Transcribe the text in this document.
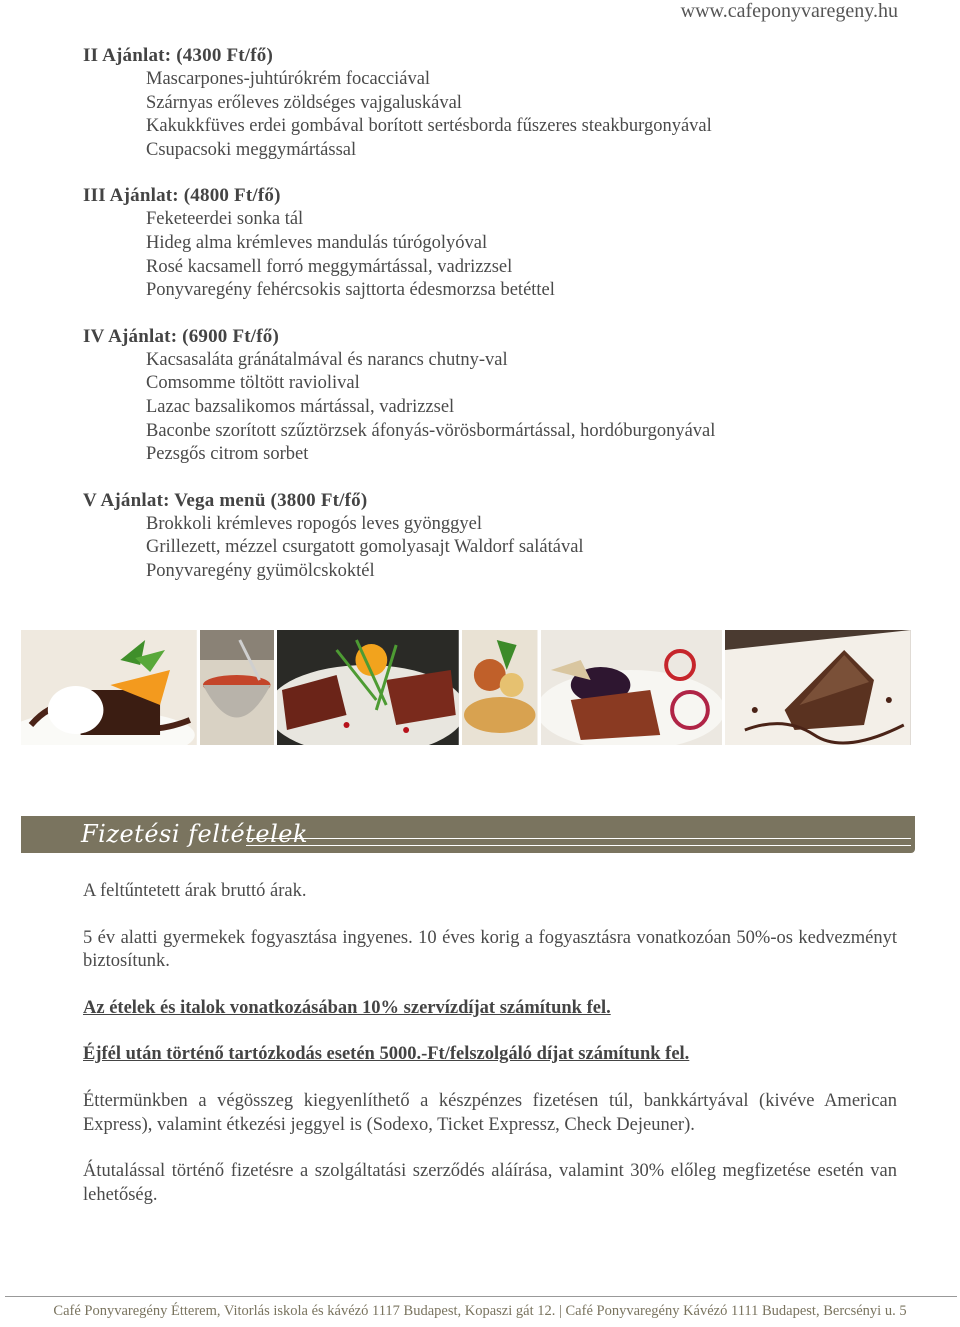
www.cafeponyvaregeny.hu
II Ajánlat: (4300 Ft/fő)
Mascarpones-juhtúrókrém focacciával
Szárnyas erőleves zöldséges vajgaluskával
Kakukkfüves erdei gombával borított sertésborda fűszeres steakburgonyával
Csupacsoki meggymártással
III Ajánlat: (4800 Ft/fő)
Feketeerdei sonka tál
Hideg alma krémleves mandulás túrógolyóval
Rosé kacsamell forró meggymártással, vadrizzsel
Ponyvaregény fehércsokis sajttorta édesmorzsa betéttel
IV Ajánlat: (6900 Ft/fő)
Kacsasaláta gránátalmával és narancs chutny-val
Comsomme töltött raviolival
Lazac bazsalikomos mártással, vadrizzsel
Baconbe szorított szűztörzsek áfonyás-vörösbormártással, hordóburgonyával
Pezsgős citrom sorbet
V Ajánlat: Vega menü (3800 Ft/fő)
Brokkoli krémleves ropogós leves gyönggyel
Grillezett, mézzel csurgatott gomolyasajt Waldorf salátával
Ponyvaregény gyümölcskoktél
Fizetési feltételek

A feltűntetett árak bruttó árak.

5 év alatti gyermekek fogyasztása ingyenes. 10 éves korig a fogyasztásra vonatkozóan 50%-os kedvezményt biztosítunk.

Az ételek és italok vonatkozásában 10% szervízdíjat számítunk fel.

Éjfél után történő tartózkodás esetén 5000.-Ft/felszolgáló díjat számítunk fel.

Éttermünkben a végösszeg kiegyenlíthető a készpénzes fizetésen túl, bankkártyával (kivéve American Express), valamint étkezési jeggyel is (Sodexo, Ticket Expressz, Check Dejeuner).

Átutalással történő fizetésre a szolgáltatási szerződés aláírása, valamint 30% előleg megfizetése esetén van lehetőség.

Café Ponyvaregény Étterem, Vitorlás iskola és kávézó 1117 Budapest, Kopaszi gát 12. | Café Ponyvaregény Kávézó 1111 Budapest, Bercsényi u. 5
